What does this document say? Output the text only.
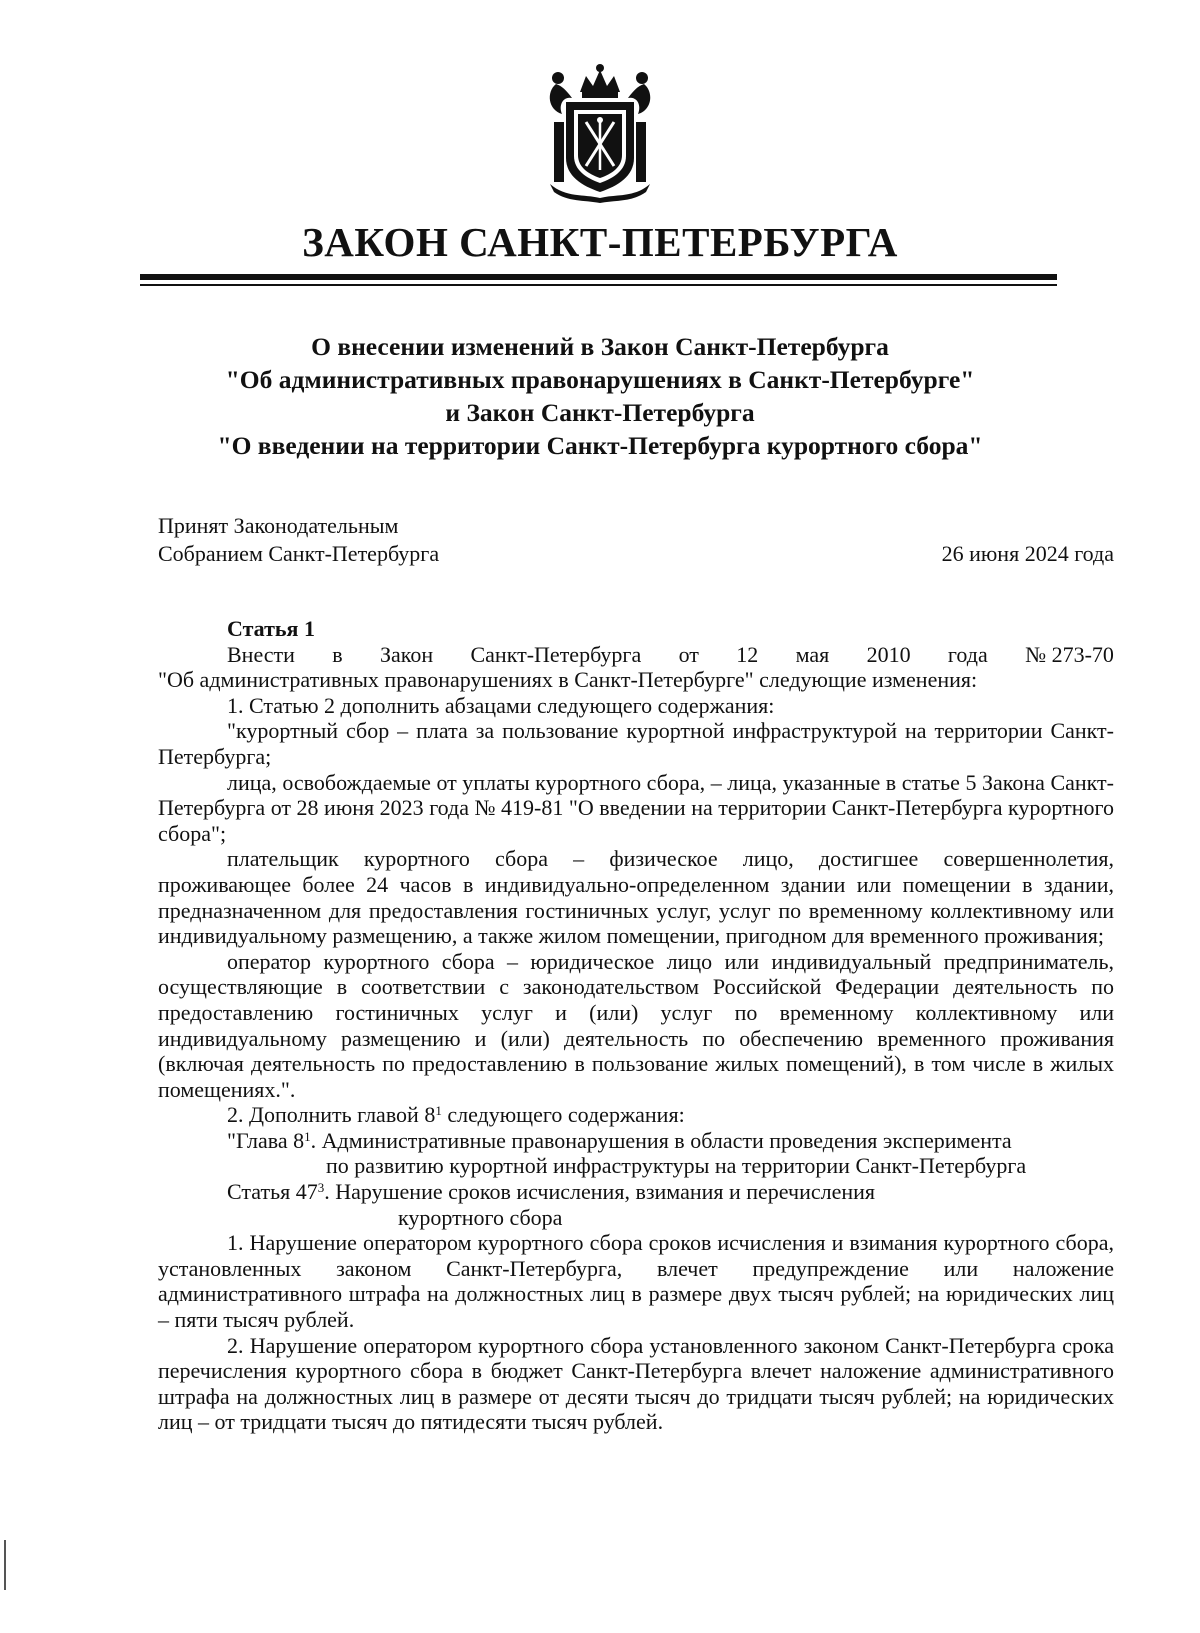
ЗАКОН САНКТ-ПЕТЕРБУРГА
О внесении изменений в Закон Санкт-Петербурга
"Об административных правонарушениях в Санкт-Петербурге"
и Закон Санкт-Петербурга
"О введении на территории Санкт-Петербурга курортного сбора"
Принят Законодательным
Собранием Санкт-Петербурга	26 июня 2024 года

Статья 1

Внести в Закон Санкт-Петербурга от 12 мая 2010 года № 273-70

"Об административных правонарушениях в Санкт-Петербурге" следующие изменения:

1. Статью 2 дополнить абзацами следующего содержания:

"курортный сбор – плата за пользование курортной инфраструктурой на территории Санкт-Петербурга;

лица, освобождаемые от уплаты курортного сбора, – лица, указанные в статье 5 Закона Санкт-Петербурга от 28 июня 2023 года № 419-81 "О введении на территории Санкт-Петербурга курортного сбора";

плательщик курортного сбора – физическое лицо, достигшее совершеннолетия, проживающее более 24 часов в индивидуально-определенном здании или помещении в здании, предназначенном для предоставления гостиничных услуг, услуг по временному коллективному или индивидуальному размещению, а также жилом помещении, пригодном для временного проживания;

оператор курортного сбора – юридическое лицо или индивидуальный предприниматель, осуществляющие в соответствии с законодательством Российской Федерации деятельность по предоставлению гостиничных услуг и (или) услуг по временному коллективному или индивидуальному размещению и (или) деятельность по обеспечению временного проживания (включая деятельность по предоставлению в пользование жилых помещений), в том числе в жилых помещениях.".

2. Дополнить главой $8^1$ следующего содержания:

"Глава $8^1$. Административные правонарушения в области проведения эксперимента

по развитию курортной инфраструктуры на территории Санкт-Петербурга

Статья $47^3$. Нарушение сроков исчисления, взимания и перечисления

курортного сбора

1. Нарушение оператором курортного сбора сроков исчисления и взимания курортного сбора, установленных законом Санкт-Петербурга, влечет предупреждение или наложение административного штрафа на должностных лиц в размере двух тысяч рублей; на юридических лиц – пяти тысяч рублей.

2. Нарушение оператором курортного сбора установленного законом Санкт-Петербурга срока перечисления курортного сбора в бюджет Санкт-Петербурга влечет наложение административного штрафа на должностных лиц в размере от десяти тысяч до тридцати тысяч рублей; на юридических лиц – от тридцати тысяч до пятидесяти тысяч рублей.
